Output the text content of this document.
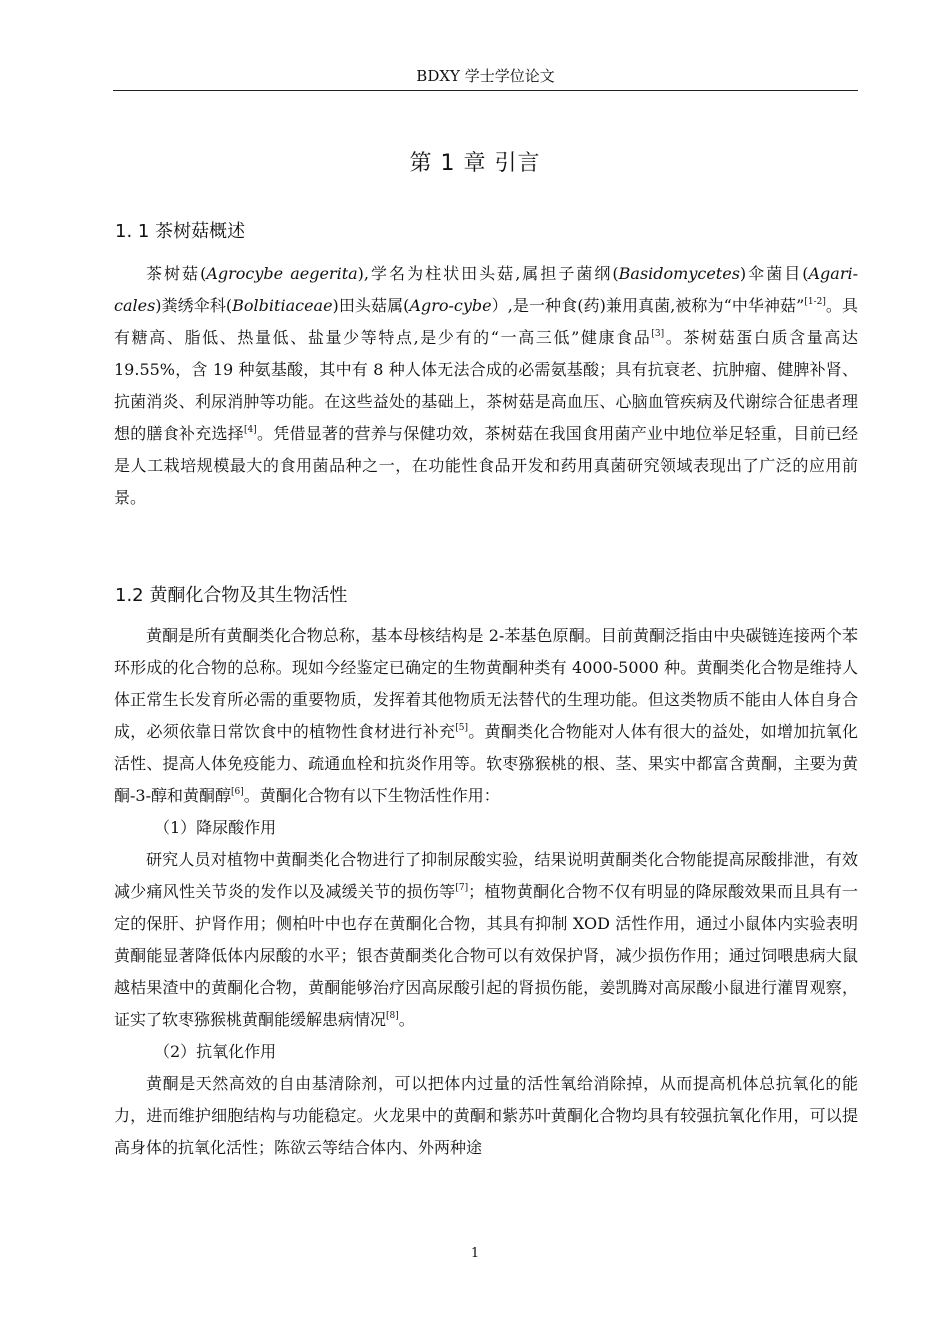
BDXY 学士学位论文
第 1 章 引言
1. 1 茶树菇概述

茶树菇(Agrocybe aegerita),学名为柱状田头菇,属担子菌纲(Basidomycetes)伞菌目(Agari-cales)粪绣伞科(Bolbitiaceae)田头菇属(Agro-cybe）,是一种食(药)兼用真菌,被称为“中华神菇”[1-2]。具有糖高、脂低、热量低、盐量少等特点,是少有的“一高三低”健康食品[3]。茶树菇蛋白质含量高达 19.55%，含 19 种氨基酸，其中有 8 种人体无法合成的必需氨基酸；具有抗衰老、抗肿瘤、健脾补肾、抗菌消炎、利尿消肿等功能。在这些益处的基础上，茶树菇是高血压、心脑血管疾病及代谢综合征患者理想的膳食补充选择[4]。凭借显著的营养与保健功效，茶树菇在我国食用菌产业中地位举足轻重，目前已经是人工栽培规模最大的食用菌品种之一，在功能性食品开发和药用真菌研究领域表现出了广泛的应用前景。

1.2 黄酮化合物及其生物活性

黄酮是所有黄酮类化合物总称，基本母核结构是 2-苯基色原酮。目前黄酮泛指由中央碳链连接两个苯环形成的化合物的总称。现如今经鉴定已确定的生物黄酮种类有 4000-5000 种。黄酮类化合物是维持人体正常生长发育所必需的重要物质，发挥着其他物质无法替代的生理功能。但这类物质不能由人体自身合成，必须依靠日常饮食中的植物性食材进行补充[5]。黄酮类化合物能对人体有很大的益处，如增加抗氧化活性、提高人体免疫能力、疏通血栓和抗炎作用等。软枣猕猴桃的根、茎、果实中都富含黄酮，主要为黄酮-3-醇和黄酮醇[6]。黄酮化合物有以下生物活性作用：

（1）降尿酸作用

研究人员对植物中黄酮类化合物进行了抑制尿酸实验，结果说明黄酮类化合物能提高尿酸排泄，有效减少痛风性关节炎的发作以及减缓关节的损伤等[7]；植物黄酮化合物不仅有明显的降尿酸效果而且具有一定的保肝、护肾作用；侧柏叶中也存在黄酮化合物，其具有抑制 XOD 活性作用，通过小鼠体内实验表明黄酮能显著降低体内尿酸的水平；银杏黄酮类化合物可以有效保护肾，减少损伤作用；通过饲喂患病大鼠越桔果渣中的黄酮化合物，黄酮能够治疗因高尿酸引起的肾损伤能，姜凯腾对高尿酸小鼠进行灌胃观察，证实了软枣猕猴桃黄酮能缓解患病情况[8]。

（2）抗氧化作用

黄酮是天然高效的自由基清除剂，可以把体内过量的活性氧给消除掉，从而提高机体总抗氧化的能力，进而维护细胞结构与功能稳定。火龙果中的黄酮和紫苏叶黄酮化合物均具有较强抗氧化作用，可以提高身体的抗氧化活性；陈欲云等结合体内、外两种途

1
